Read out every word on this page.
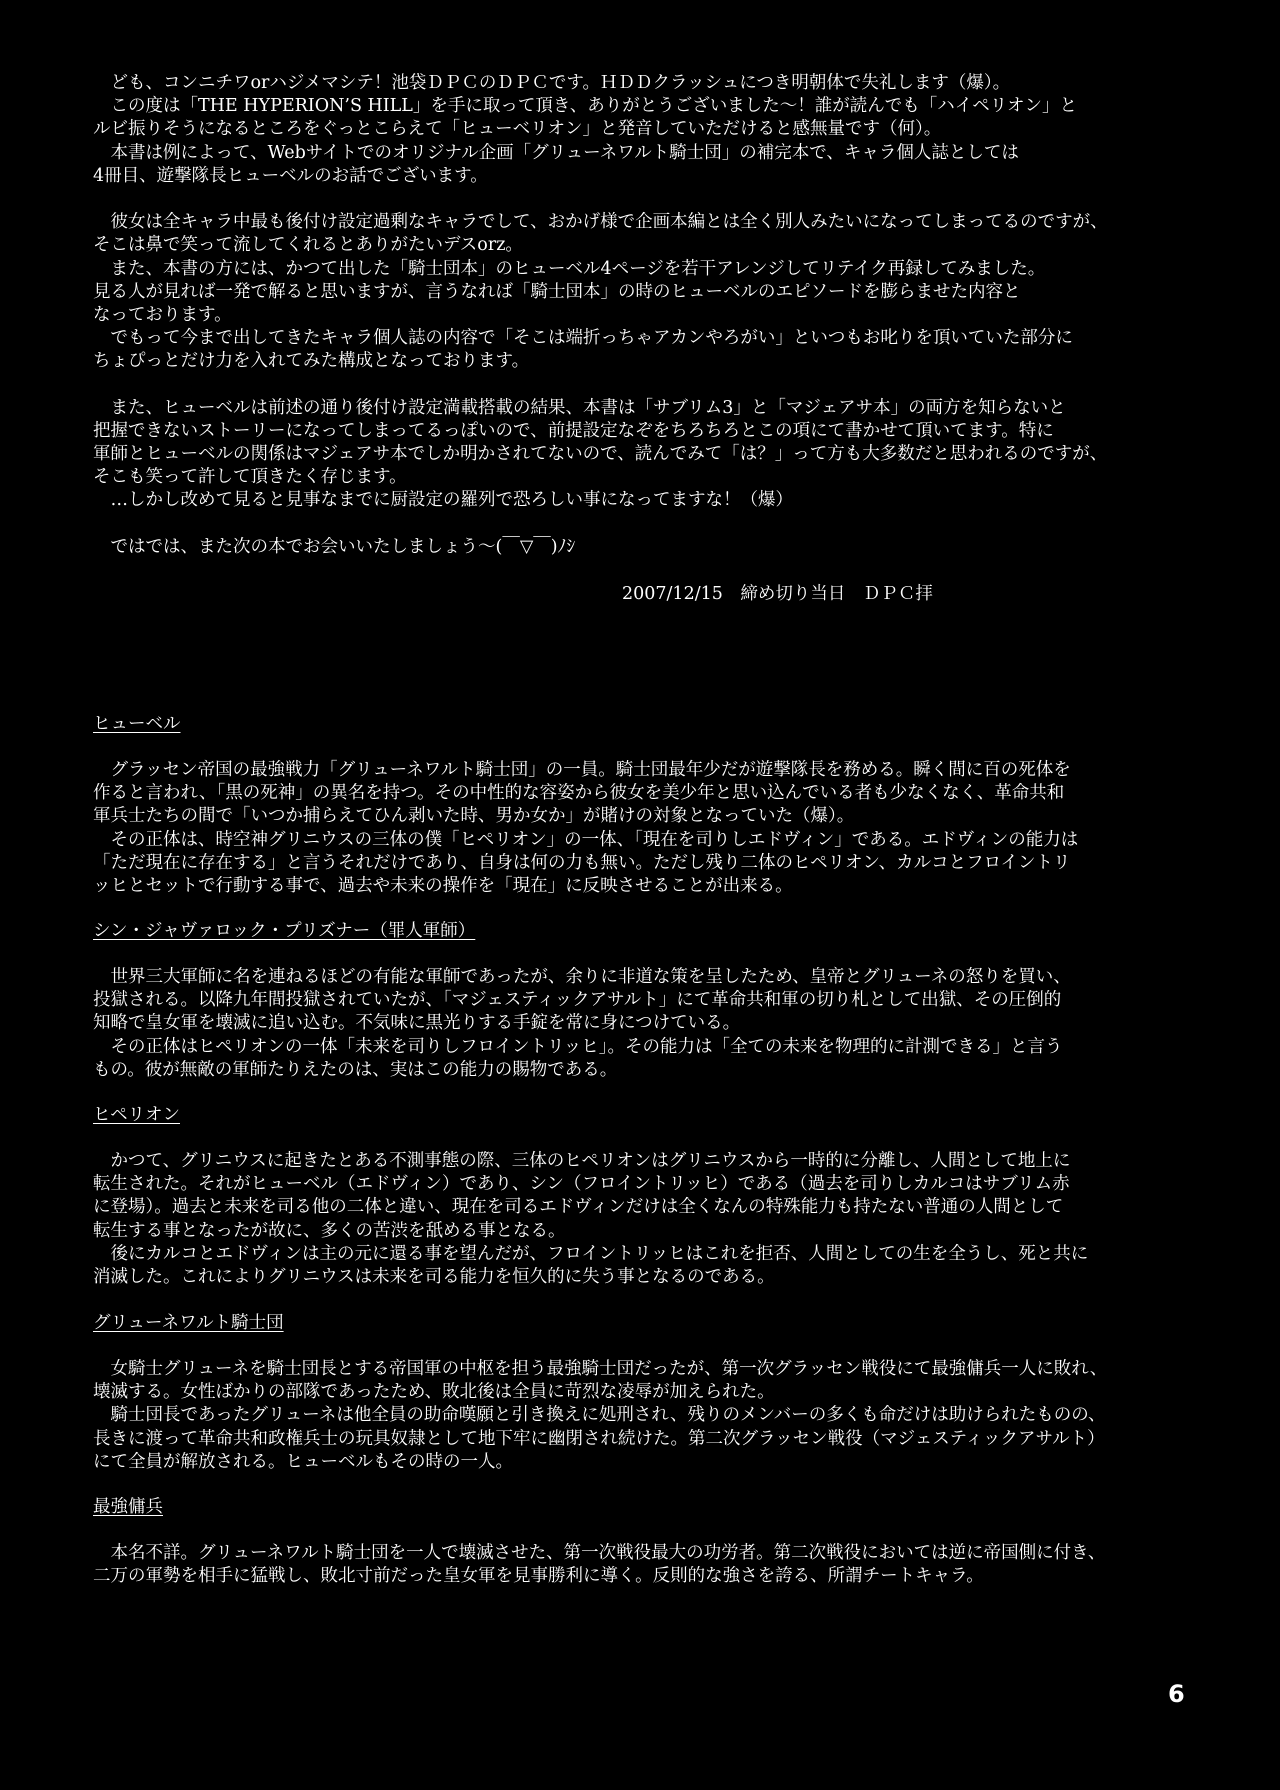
　ども、コンニチワorハジメマシテ！池袋ＤＰＣのＤＰＣです。ＨＤＤクラッシュにつき明朝体で失礼します（爆）。
　この度は「THE HYPERION’S HILL」を手に取って頂き、ありがとうございました〜！誰が読んでも「ハイペリオン」と
ルビ振りそうになるところをぐっとこらえて「ヒューベリオン」と発音していただけると感無量です（何）。
　本書は例によって、Webサイトでのオリジナル企画「グリューネワルト騎士団」の補完本で、キャラ個人誌としては
4冊目、遊撃隊長ヒューベルのお話でございます。
　彼女は全キャラ中最も後付け設定過剰なキャラでして、おかげ様で企画本編とは全く別人みたいになってしまってるのですが、
そこは鼻で笑って流してくれるとありがたいデスorz。
　また、本書の方には、かつて出した「騎士団本」のヒューベル4ページを若干アレンジしてリテイク再録してみました。
見る人が見れば一発で解ると思いますが、言うなれば「騎士団本」の時のヒューベルのエピソードを膨らませた内容と
なっております。
　でもって今まで出してきたキャラ個人誌の内容で「そこは端折っちゃアカンやろがい」といつもお叱りを頂いていた部分に
ちょぴっとだけ力を入れてみた構成となっております。
　また、ヒューベルは前述の通り後付け設定満載搭載の結果、本書は「サブリム3」と「マジェアサ本」の両方を知らないと
把握できないストーリーになってしまってるっぽいので、前提設定なぞをちろちろとこの項にて書かせて頂いてます。特に
軍師とヒューベルの関係はマジェアサ本でしか明かされてないので、読んでみて「は？」って方も大多数だと思われるのですが、
そこも笑って許して頂きたく存じます。
　…しかし改めて見ると見事なまでに厨設定の羅列で恐ろしい事になってますな！（爆）
　ではでは、また次の本でお会いいたしましょう〜(￣▽￣)ﾉｼ
2007/12/15　締め切り当日　ＤＰＣ拝
ヒューベル
　グラッセン帝国の最強戦力「グリューネワルト騎士団」の一員。騎士団最年少だが遊撃隊長を務める。瞬く間に百の死体を
作ると言われ、「黒の死神」の異名を持つ。その中性的な容姿から彼女を美少年と思い込んでいる者も少なくなく、革命共和
軍兵士たちの間で「いつか捕らえてひん剥いた時、男か女か」が賭けの対象となっていた（爆）。
　その正体は、時空神グリニウスの三体の僕「ヒペリオン」の一体、「現在を司りしエドヴィン」である。エドヴィンの能力は
「ただ現在に存在する」と言うそれだけであり、自身は何の力も無い。ただし残り二体のヒペリオン、カルコとフロイントリ
ッヒとセットで行動する事で、過去や未来の操作を「現在」に反映させることが出来る。
シン・ジャヴァロック・プリズナー（罪人軍師）
　世界三大軍師に名を連ねるほどの有能な軍師であったが、余りに非道な策を呈したため、皇帝とグリューネの怒りを買い、
投獄される。以降九年間投獄されていたが、「マジェスティックアサルト」にて革命共和軍の切り札として出獄、その圧倒的
知略で皇女軍を壊滅に追い込む。不気味に黒光りする手錠を常に身につけている。
　その正体はヒペリオンの一体「未来を司りしフロイントリッヒ」。その能力は「全ての未来を物理的に計測できる」と言う
もの。彼が無敵の軍師たりえたのは、実はこの能力の賜物である。
ヒペリオン
　かつて、グリニウスに起きたとある不測事態の際、三体のヒペリオンはグリニウスから一時的に分離し、人間として地上に
転生された。それがヒューベル（エドヴィン）であり、シン（フロイントリッヒ）である（過去を司りしカルコはサブリム赤
に登場）。過去と未来を司る他の二体と違い、現在を司るエドヴィンだけは全くなんの特殊能力も持たない普通の人間として
転生する事となったが故に、多くの苦渋を舐める事となる。
　後にカルコとエドヴィンは主の元に還る事を望んだが、フロイントリッヒはこれを拒否、人間としての生を全うし、死と共に
消滅した。これによりグリニウスは未来を司る能力を恒久的に失う事となるのである。
グリューネワルト騎士団
　女騎士グリューネを騎士団長とする帝国軍の中枢を担う最強騎士団だったが、第一次グラッセン戦役にて最強傭兵一人に敗れ、
壊滅する。女性ばかりの部隊であったため、敗北後は全員に苛烈な凌辱が加えられた。
　騎士団長であったグリューネは他全員の助命嘆願と引き換えに処刑され、残りのメンバーの多くも命だけは助けられたものの、
長きに渡って革命共和政権兵士の玩具奴隷として地下牢に幽閉され続けた。第二次グラッセン戦役（マジェスティックアサルト）
にて全員が解放される。ヒューベルもその時の一人。
最強傭兵
　本名不詳。グリューネワルト騎士団を一人で壊滅させた、第一次戦役最大の功労者。第二次戦役においては逆に帝国側に付き、
二万の軍勢を相手に猛戦し、敗北寸前だった皇女軍を見事勝利に導く。反則的な強さを誇る、所謂チートキャラ。
6
